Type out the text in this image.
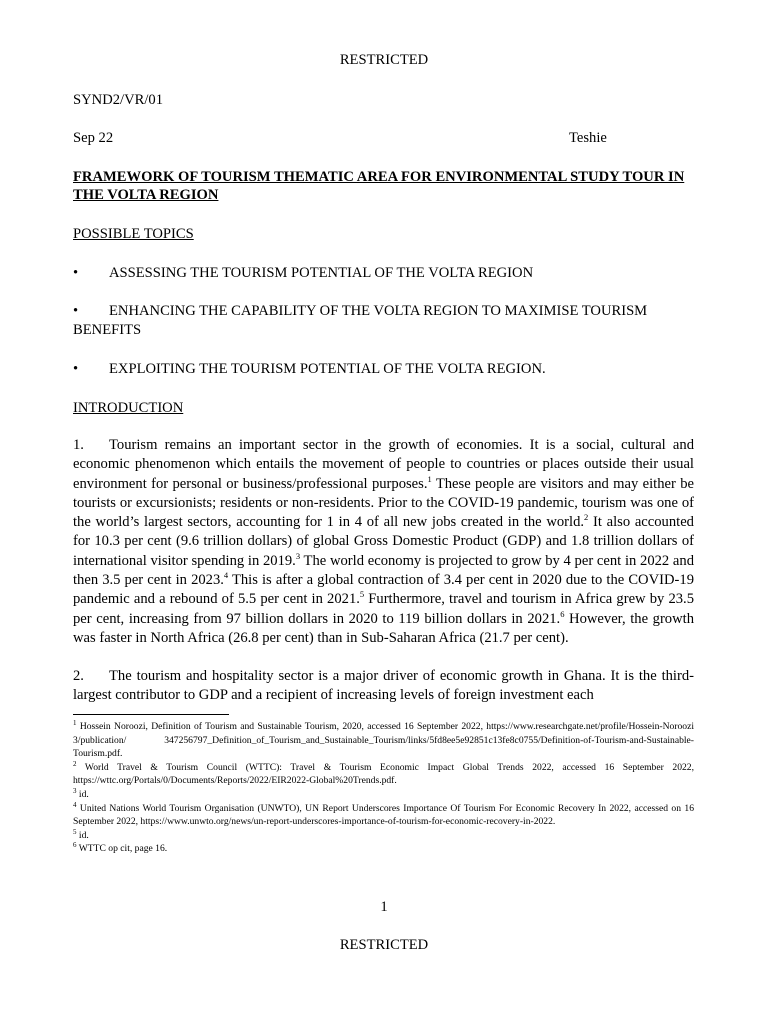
RESTRICTED
SYND2/VR/01
Sep 22	Teshie
FRAMEWORK OF TOURISM THEMATIC AREA FOR ENVIRONMENTAL STUDY TOUR IN THE VOLTA REGION
POSSIBLE TOPICS
•	ASSESSING THE TOURISM POTENTIAL OF THE VOLTA REGION
• ENHANCING THE CAPABILITY OF THE VOLTA REGION TO MAXIMISE TOURISM BENEFITS
•	EXPLOITING THE TOURISM POTENTIAL OF THE VOLTA REGION.
INTRODUCTION
1. Tourism remains an important sector in the growth of economies. It is a social, cultural and economic phenomenon which entails the movement of people to countries or places outside their usual environment for personal or business/professional purposes.$^1$ These people are visitors and may either be tourists or excursionists; residents or non-residents. Prior to the COVID-19 pandemic, tourism was one of the world’s largest sectors, accounting for 1 in 4 of all new jobs created in the world.$^2$ It also accounted for 10.3 per cent (9.6 trillion dollars) of global Gross Domestic Product (GDP) and 1.8 trillion dollars of international visitor spending in 2019.$^3$ The world economy is projected to grow by 4 per cent in 2022 and then 3.5 per cent in 2023.$^4$ This is after a global contraction of 3.4 per cent in 2020 due to the COVID-19 pandemic and a rebound of 5.5 per cent in 2021.$^5$ Furthermore, travel and tourism in Africa grew by 23.5 per cent, increasing from 97 billion dollars in 2020 to 119 billion dollars in 2021.$^6$ However, the growth was faster in North Africa (26.8 per cent) than in Sub-Saharan Africa (21.7 per cent).
2. The tourism and hospitality sector is a major driver of economic growth in Ghana. It is the third-largest contributor to GDP and a recipient of increasing levels of foreign investment each
$^1$ Hossein Noroozi, Definition of Tourism and Sustainable Tourism, 2020, accessed 16 September 2022, https://www.researchgate.net/profile/Hossein-Noroozi 3/publication/ 347256797_Definition_of_Tourism_and_Sustainable_Tourism/links/5fd8ee5e92851c13fe8c0755/Definition-of-Tourism-and-Sustainable-Tourism.pdf.
$^2$ World Travel & Tourism Council (WTTC): Travel & Tourism Economic Impact Global Trends 2022, accessed 16 September 2022, https://wttc.org/Portals/0/Documents/Reports/2022/EIR2022-Global%20Trends.pdf.
$^3$ id.
$^4$ United Nations World Tourism Organisation (UNWTO), UN Report Underscores Importance Of Tourism For Economic Recovery In 2022, accessed on 16 September 2022, https://www.unwto.org/news/un-report-underscores-importance-of-tourism-for-economic-recovery-in-2022.
$^5$ id.
$^6$ WTTC op cit, page 16.
1
RESTRICTED
